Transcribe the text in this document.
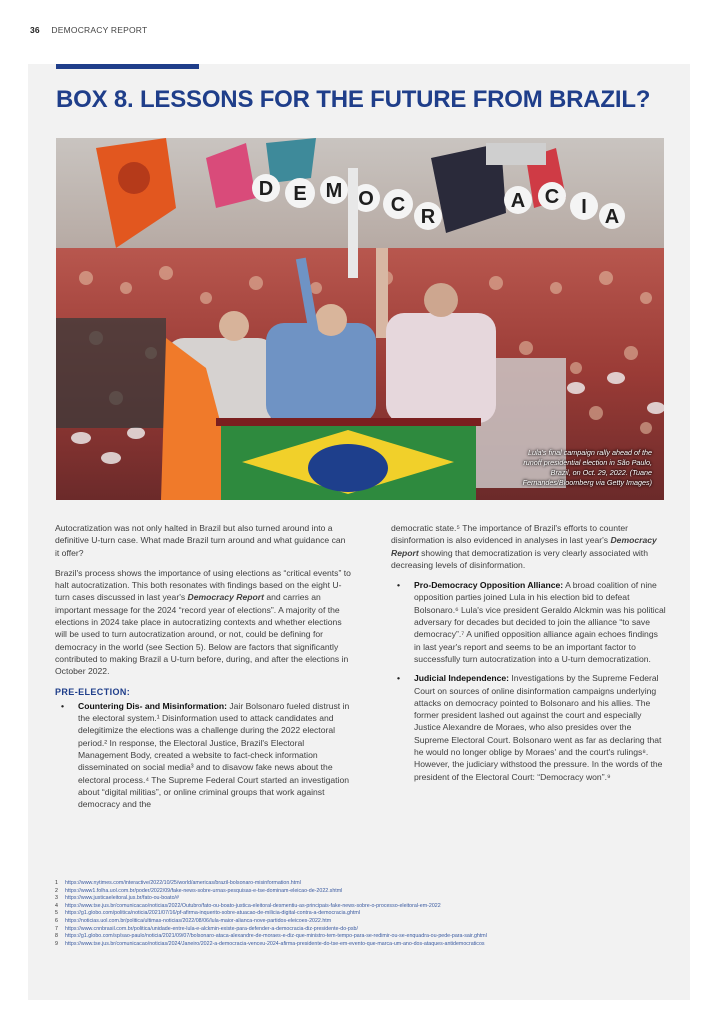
36 DEMOCRACY REPORT
BOX 8. LESSONS FOR THE FUTURE FROM BRAZIL?
D E M O C
R
A C I A
Lula's final campaign rally ahead of the runoff presidential election in São Paulo, Brazil, on Oct. 29, 2022. (Tuane Fernandes/Bloomberg via Getty Images)

Autocratization was not only halted in Brazil but also turned around into a definitive U-turn case. What made Brazil turn around and what guidance can it offer?

Brazil's process shows the importance of using elections as “critical events” to halt autocratization. This both resonates with findings based on the eight U-turn cases discussed in last year's Democracy Report and carries an important message for the 2024 “record year of elections”. A majority of the elections in 2024 take place in autocratizing contexts and whether elections will be used to turn autocratization around, or not, could be defining for democracy in the world (see Section 5). Below are factors that significantly contributed to making Brazil a U-turn before, during, and after the elections in October 2022.

PRE-ELECTION:
• Countering Dis- and Misinformation: Jair Bolsonaro fueled distrust in the electoral system.¹ Disinformation used to attack candidates and delegitimize the elections was a challenge during the 2022 electoral period.² In response, the Electoral Justice, Brazil's Electoral Management Body, created a website to fact-check information disseminated on social media³ and to disavow fake news about the electoral process.⁴ The Supreme Federal Court started an investigation about “digital militias”, or online criminal groups that work against democracy and the

democratic state.⁵ The importance of Brazil's efforts to counter disinformation is also evidenced in analyses in last year's Democracy Report showing that democratization is very clearly associated with decreasing levels of disinformation.

• Pro-Democracy Opposition Alliance: A broad coalition of nine opposition parties joined Lula in his election bid to defeat Bolsonaro.⁶ Lula's vice president Geraldo Alckmin was his political adversary for decades but decided to join the alliance “to save democracy”.⁷ A unified opposition alliance again echoes findings in last year's report and seems to be an important factor to successfully turn autocratization into a U-turn democratization.
• Judicial Independence: Investigations by the Supreme Federal Court on sources of online disinformation campaigns underlying attacks on democracy pointed to Bolsonaro and his allies. The former president lashed out against the court and especially Justice Alexandre de Moraes, who also presides over the Supreme Electoral Court. Bolsonaro went as far as declaring that he would no longer oblige by Moraes' and the court's rulings⁸. However, the judiciary withstood the pressure. In the words of the president of the Electoral Court: “Democracy won”.⁹
1 https://www.nytimes.com/interactive/2022/10/25/world/americas/brazil-bolsonaro-misinformation.html
2 https://www1.folha.uol.com.br/poder/2022/09/fake-news-sobre-urnas-pesquisas-e-tse-dominam-eleicao-de-2022.shtml
3 https://www.justicaeleitoral.jus.br/fato-ou-boato/#
4 https://www.tse.jus.br/comunicacao/noticias/2022/Outubro/fato-ou-boato-justica-eleitoral-desmentiu-as-principais-fake-news-sobre-o-processo-eleitoral-em-2022
5 https://g1.globo.com/politica/noticia/2021/07/16/pf-afirma-inquerito-sobre-atuacao-de-milicia-digital-contra-a-democracia.ghtml
6 https://noticias.uol.com.br/politica/ultimas-noticias/2022/08/06/lula-maior-alianca-nove-partidos-eleicoes-2022.htm
7 https://www.cnnbrasil.com.br/politica/unidade-entre-lula-e-alckmin-existe-para-defender-a-democracia-diz-presidente-do-psb/
8 https://g1.globo.com/sp/sao-paulo/noticia/2021/09/07/bolsonaro-ataca-alexandre-de-moraes-e-diz-que-ministro-tem-tempo-para-se-redimir-ou-se-enquadra-ou-pede-para-sair.ghtml
9 https://www.tse.jus.br/comunicacao/noticias/2024/Janeiro/2022-a-democracia-venceu-2024-afirma-presidente-do-tse-em-evento-que-marca-um-ano-dos-ataques-antidemocraticos
